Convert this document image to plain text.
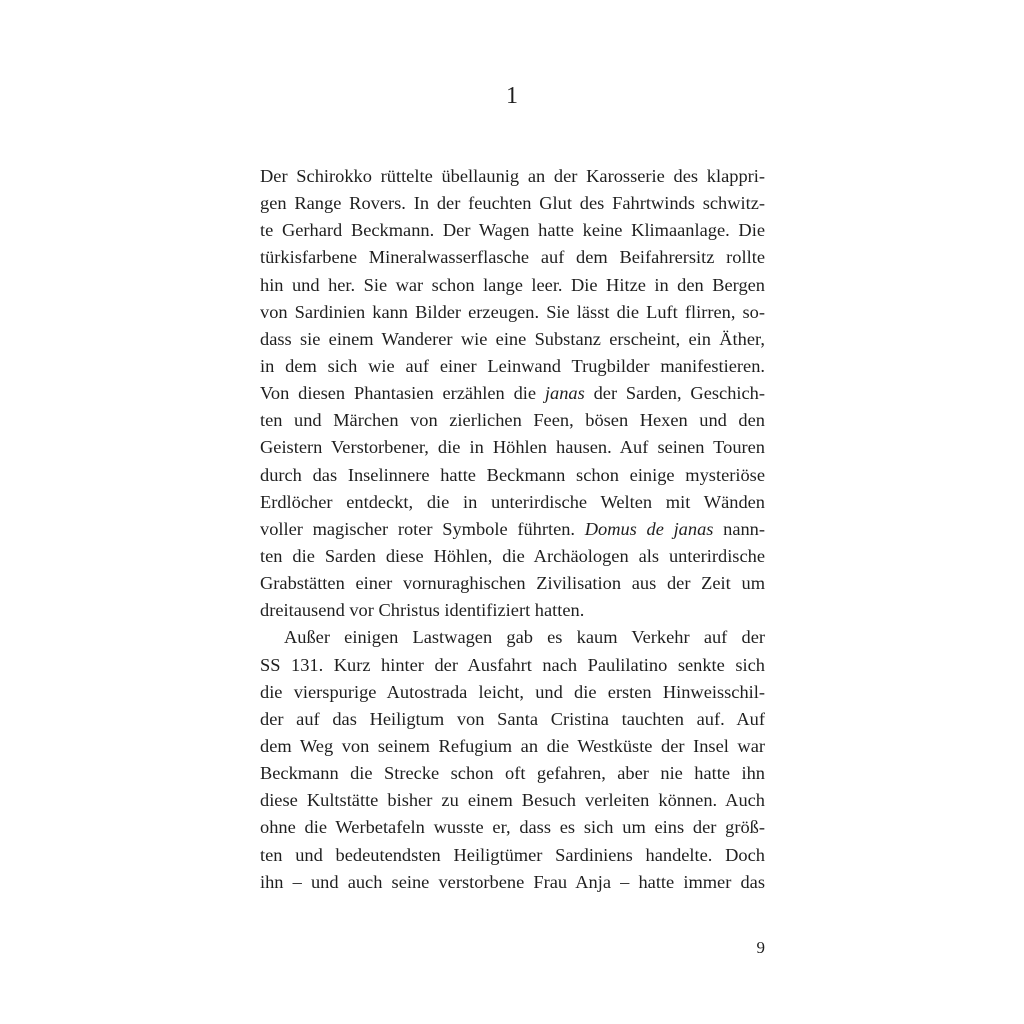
1
Der Schirokko rüttelte übellaunig an der Karosserie des klappri-
gen Range Rovers. In der feuchten Glut des Fahrtwinds schwitz-
te Gerhard Beckmann. Der Wagen hatte keine Klimaanlage. Die
türkisfarbene Mineralwasserflasche auf dem Beifahrersitz rollte
hin und her. Sie war schon lange leer. Die Hitze in den Bergen
von Sardinien kann Bilder erzeugen. Sie lässt die Luft flirren, so-
dass sie einem Wanderer wie eine Substanz erscheint, ein Äther,
in dem sich wie auf einer Leinwand Trugbilder manifestieren.
Von diesen Phantasien erzählen die janas der Sarden, Geschich-
ten und Märchen von zierlichen Feen, bösen Hexen und den
Geistern Verstorbener, die in Höhlen hausen. Auf seinen Touren
durch das Inselinnere hatte Beckmann schon einige mysteriöse
Erdlöcher entdeckt, die in unterirdische Welten mit Wänden
voller magischer roter Symbole führten. Domus de janas nann-
ten die Sarden diese Höhlen, die Archäologen als unterirdische
Grabstätten einer vornuraghischen Zivilisation aus der Zeit um
dreitausend vor Christus identifiziert hatten.
Außer einigen Lastwagen gab es kaum Verkehr auf der
SS 131. Kurz hinter der Ausfahrt nach Paulilatino senkte sich
die vierspurige Autostrada leicht, und die ersten Hinweisschil-
der auf das Heiligtum von Santa Cristina tauchten auf. Auf
dem Weg von seinem Refugium an die Westküste der Insel war
Beckmann die Strecke schon oft gefahren, aber nie hatte ihn
diese Kultstätte bisher zu einem Besuch verleiten können. Auch
ohne die Werbetafeln wusste er, dass es sich um eins der größ-
ten und bedeutendsten Heiligtümer Sardiniens handelte. Doch
ihn – und auch seine verstorbene Frau Anja – hatte immer das
9
